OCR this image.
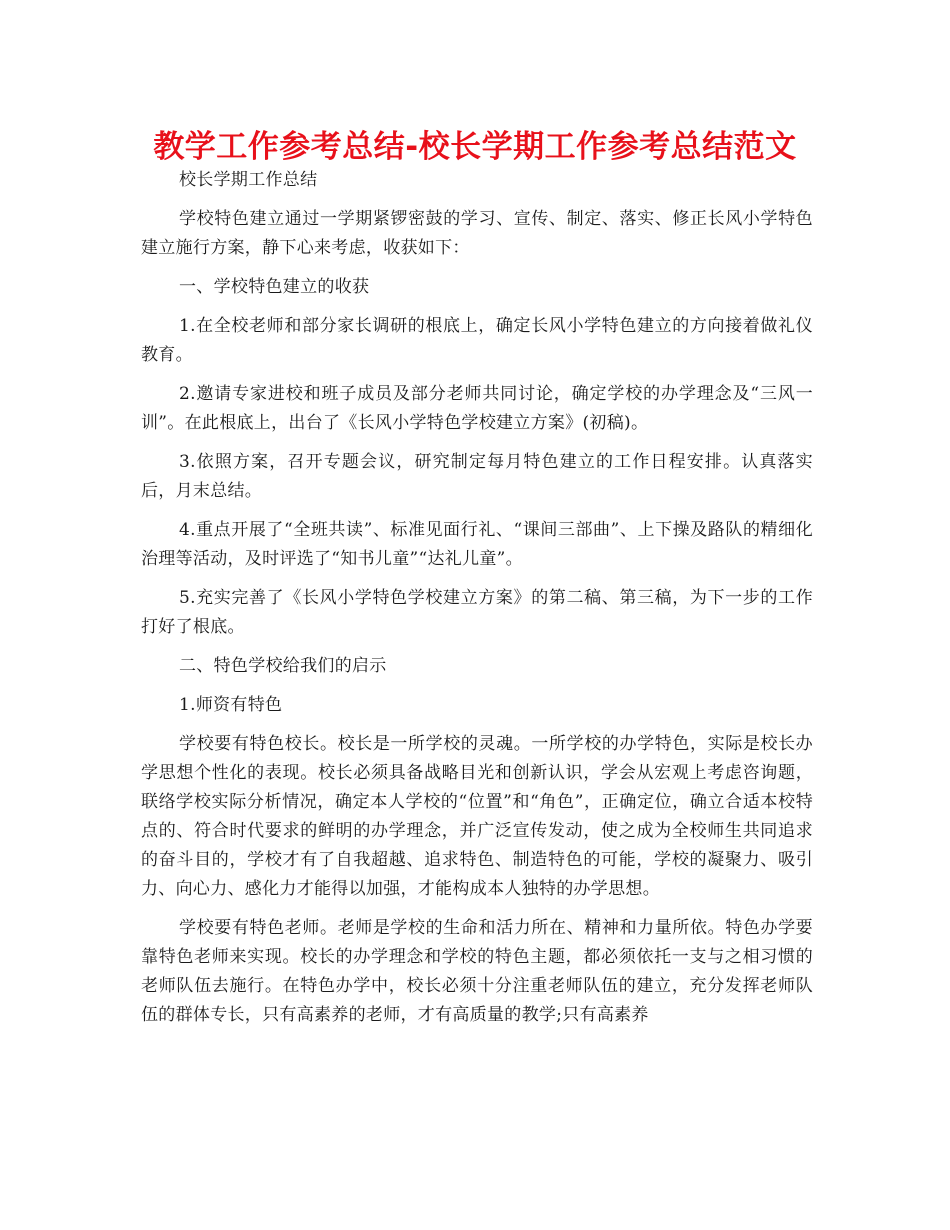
教学工作参考总结-校长学期工作参考总结范文

校长学期工作总结

学校特色建立通过一学期紧锣密鼓的学习、宣传、制定、落实、修正长风小学特色建立施行方案，静下心来考虑，收获如下：

一、学校特色建立的收获

1.在全校老师和部分家长调研的根底上，确定长风小学特色建立的方向接着做礼仪教育。

2.邀请专家进校和班子成员及部分老师共同讨论，确定学校的办学理念及“三风一训”。在此根底上，出台了《长风小学特色学校建立方案》(初稿)。

3.依照方案，召开专题会议，研究制定每月特色建立的工作日程安排。认真落实后，月末总结。

4.重点开展了“全班共读”、标准见面行礼、“课间三部曲”、上下操及路队的精细化治理等活动，及时评选了“知书儿童”“达礼儿童”。

5.充实完善了《长风小学特色学校建立方案》的第二稿、第三稿，为下一步的工作打好了根底。

二、特色学校给我们的启示

1.师资有特色

学校要有特色校长。校长是一所学校的灵魂。一所学校的办学特色，实际是校长办学思想个性化的表现。校长必须具备战略目光和创新认识，学会从宏观上考虑咨询题，联络学校实际分析情况，确定本人学校的“位置”和“角色”，正确定位，确立合适本校特点的、符合时代要求的鲜明的办学理念，并广泛宣传发动，使之成为全校师生共同追求的奋斗目的，学校才有了自我超越、追求特色、制造特色的可能，学校的凝聚力、吸引力、向心力、感化力才能得以加强，才能构成本人独特的办学思想。

学校要有特色老师。老师是学校的生命和活力所在、精神和力量所依。特色办学要靠特色老师来实现。校长的办学理念和学校的特色主题，都必须依托一支与之相习惯的老师队伍去施行。在特色办学中，校长必须十分注重老师队伍的建立，充分发挥老师队伍的群体专长，只有高素养的老师，才有高质量的教学;只有高素养
